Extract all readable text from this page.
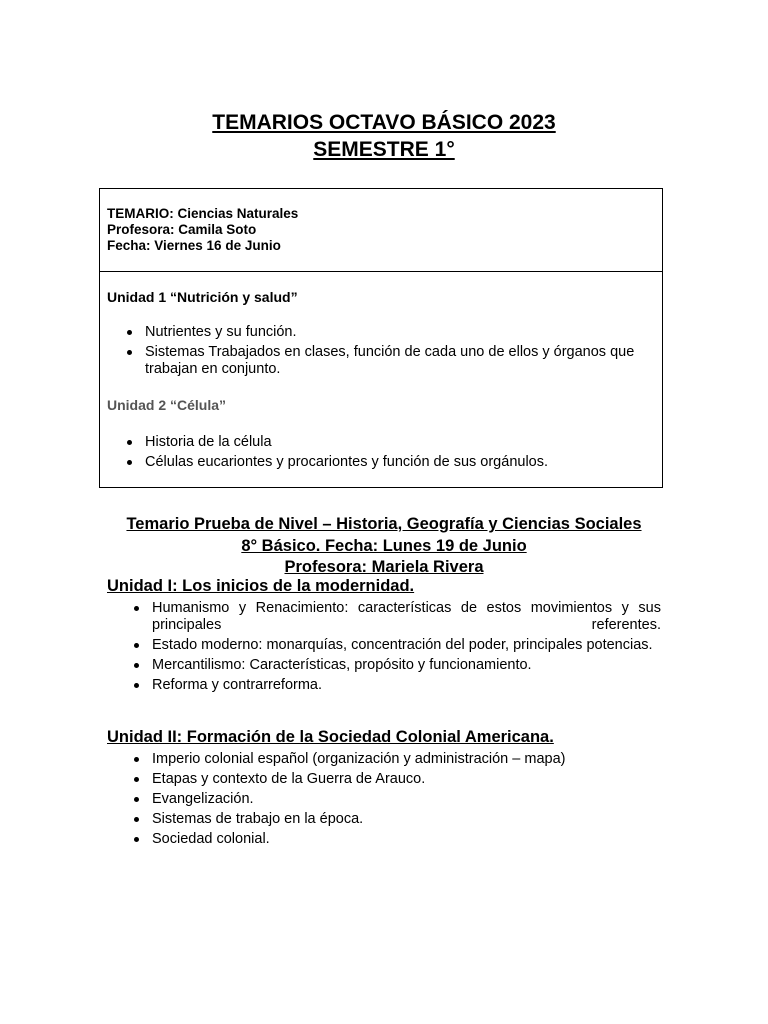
TEMARIOS OCTAVO BÁSICO 2023
SEMESTRE 1°
TEMARIO: Ciencias Naturales
Profesora: Camila Soto
Fecha: Viernes 16 de Junio
Unidad 1 “Nutrición y salud”
Nutrientes y su función.
Sistemas Trabajados en clases, función de cada uno de ellos y órganos que trabajan en conjunto.
Unidad 2 “Célula”
Historia de la célula
Células eucariontes y procariontes y función de sus orgánulos.
Temario Prueba de Nivel – Historia, Geografía y Ciencias Sociales
8° Básico. Fecha: Lunes 19 de Junio
Profesora: Mariela Rivera
Unidad I: Los inicios de la modernidad.
Humanismo y Renacimiento: características de estos movimientos y sus principales referentes.
Estado moderno: monarquías, concentración del poder, principales potencias.
Mercantilismo: Características, propósito y funcionamiento.
Reforma y contrarreforma.
Unidad II: Formación de la Sociedad Colonial Americana.
Imperio colonial español (organización y administración – mapa)
Etapas y contexto de la Guerra de Arauco.
Evangelización.
Sistemas de trabajo en la época.
Sociedad colonial.
